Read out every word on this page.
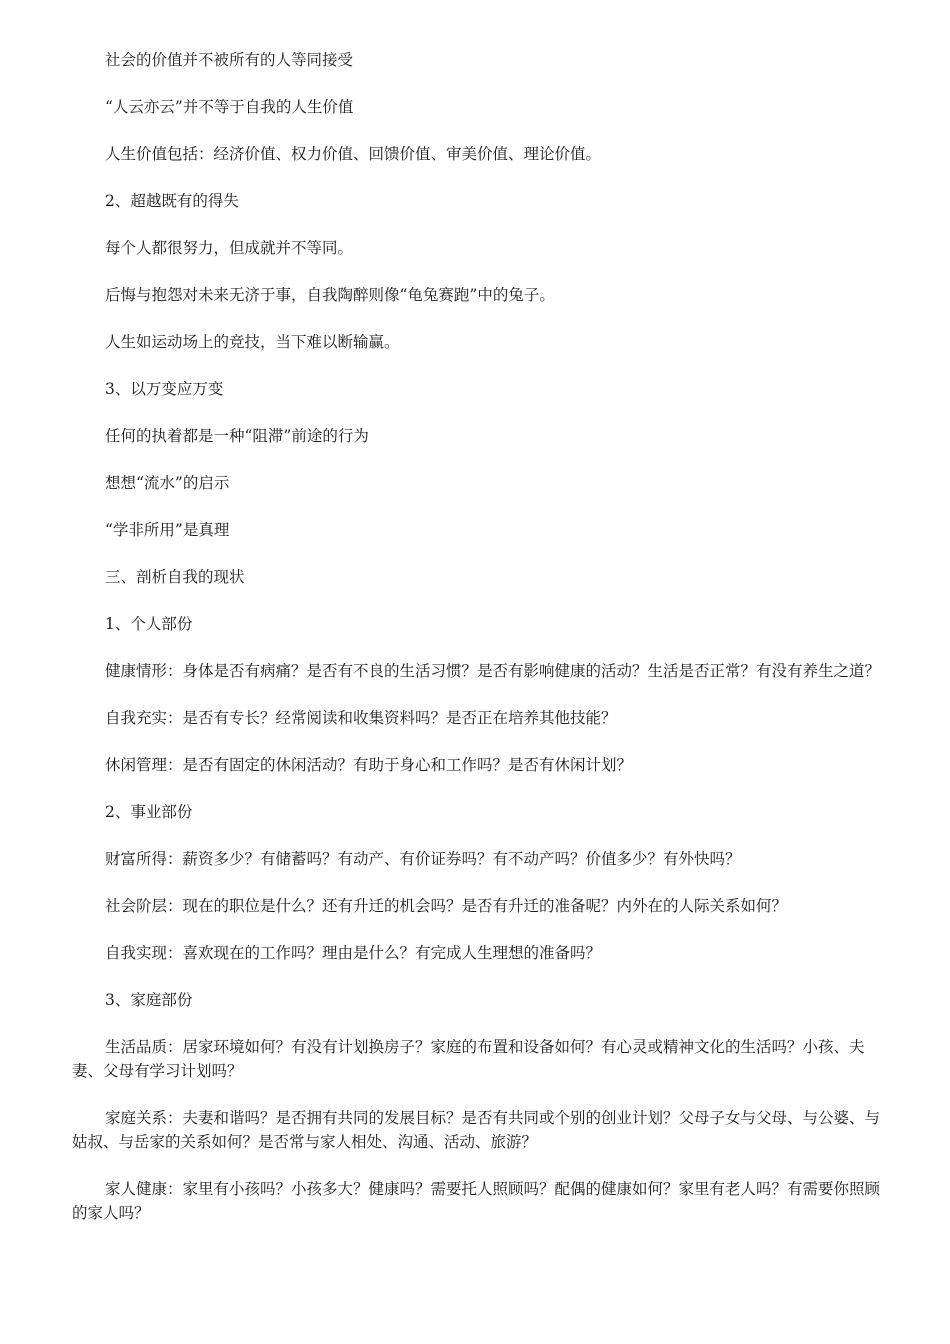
社会的价值并不被所有的人等同接受

“人云亦云”并不等于自我的人生价值

人生价值包括：经济价值、权力价值、回馈价值、审美价值、理论价值。

2、超越既有的得失

每个人都很努力，但成就并不等同。

后悔与抱怨对未来无济于事，自我陶醉则像“龟兔赛跑”中的兔子。

人生如运动场上的竞技，当下难以断输赢。

3、以万变应万变

任何的执着都是一种“阻滞”前途的行为

想想“流水”的启示

“学非所用”是真理

三、剖析自我的现状

1、个人部份

健康情形：身体是否有病痛？是否有不良的生活习惯？是否有影响健康的活动？生活是否正常？有没有养生之道？

自我充实：是否有专长？经常阅读和收集资料吗？是否正在培养其他技能？

休闲管理：是否有固定的休闲活动？有助于身心和工作吗？是否有休闲计划？

2、事业部份

财富所得：薪资多少？有储蓄吗？有动产、有价证券吗？有不动产吗？价值多少？有外快吗？

社会阶层：现在的职位是什么？还有升迁的机会吗？是否有升迁的准备呢？内外在的人际关系如何？

自我实现：喜欢现在的工作吗？理由是什么？有完成人生理想的准备吗？

3、家庭部份

生活品质：居家环境如何？有没有计划换房子？家庭的布置和设备如何？有心灵或精神文化的生活吗？小孩、夫妻、父母有学习计划吗？

家庭关系：夫妻和谐吗？是否拥有共同的发展目标？是否有共同或个别的创业计划？父母子女与父母、与公婆、与姑叔、与岳家的关系如何？是否常与家人相处、沟通、活动、旅游？

家人健康：家里有小孩吗？小孩多大？健康吗？需要托人照顾吗？配偶的健康如何？家里有老人吗？有需要你照顾的家人吗？
